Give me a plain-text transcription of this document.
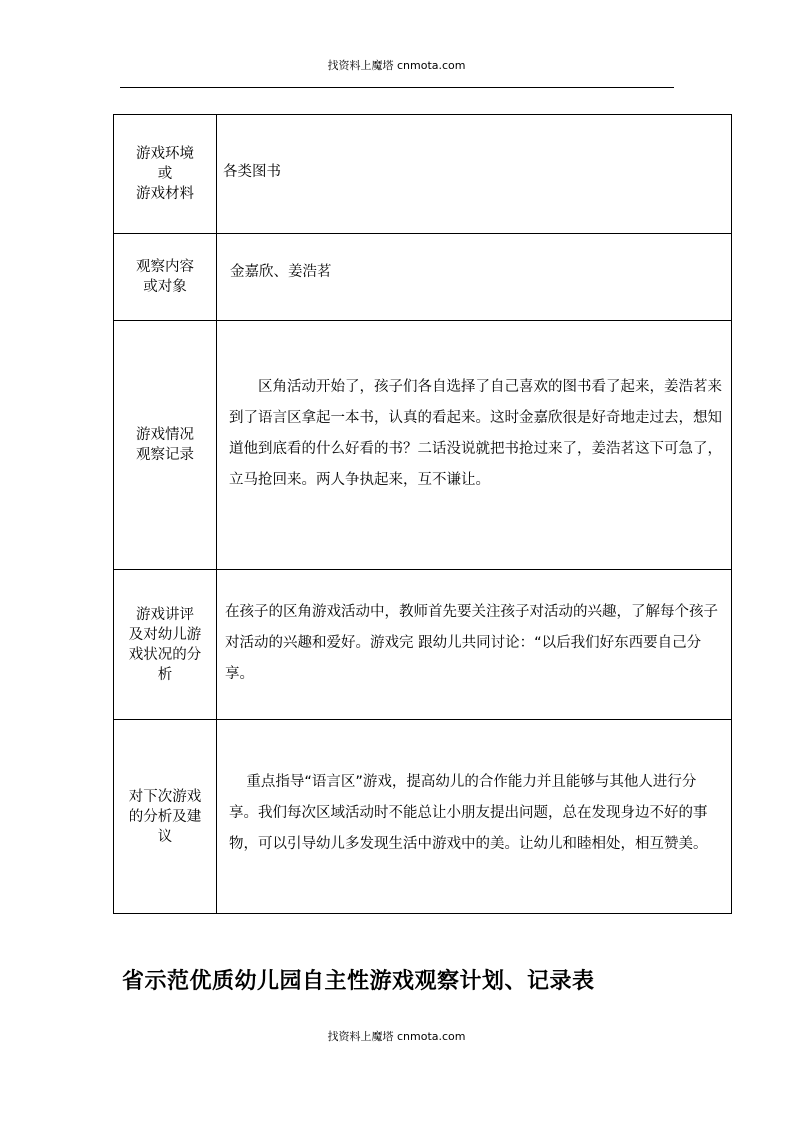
找资料上魔塔 cnmota.com
游戏环境
或
游戏材料	各类图书

观察内容
或对象	金嘉欣、姜浩茗

游戏情况
观察记录	区角活动开始了，孩子们各自选择了自己喜欢的图书看了起来，姜浩茗来到了语言区拿起一本书，认真的看起来。这时金嘉欣很是好奇地走过去，想知道他到底看的什么好看的书？二话没说就把书抢过来了，姜浩茗这下可急了，立马抢回来。两人争执起来，互不谦让。

游戏讲评
及对幼儿游
戏状况的分
析	在孩子的区角游戏活动中，教师首先要关注孩子对活动的兴趣，了解每个孩子对活动的兴趣和爱好。游戏完 跟幼儿共同讨论：“以后我们好东西要自己分享。

对下次游戏
的分析及建
议	重点指导“语言区”游戏，提高幼儿的合作能力并且能够与其他人进行分享。我们每次区域活动时不能总让小朋友提出问题，总在发现身边不好的事物，可以引导幼儿多发现生活中游戏中的美。让幼儿和睦相处，相互赞美。
省示范优质幼儿园自主性游戏观察计划、记录表
找资料上魔塔 cnmota.com
